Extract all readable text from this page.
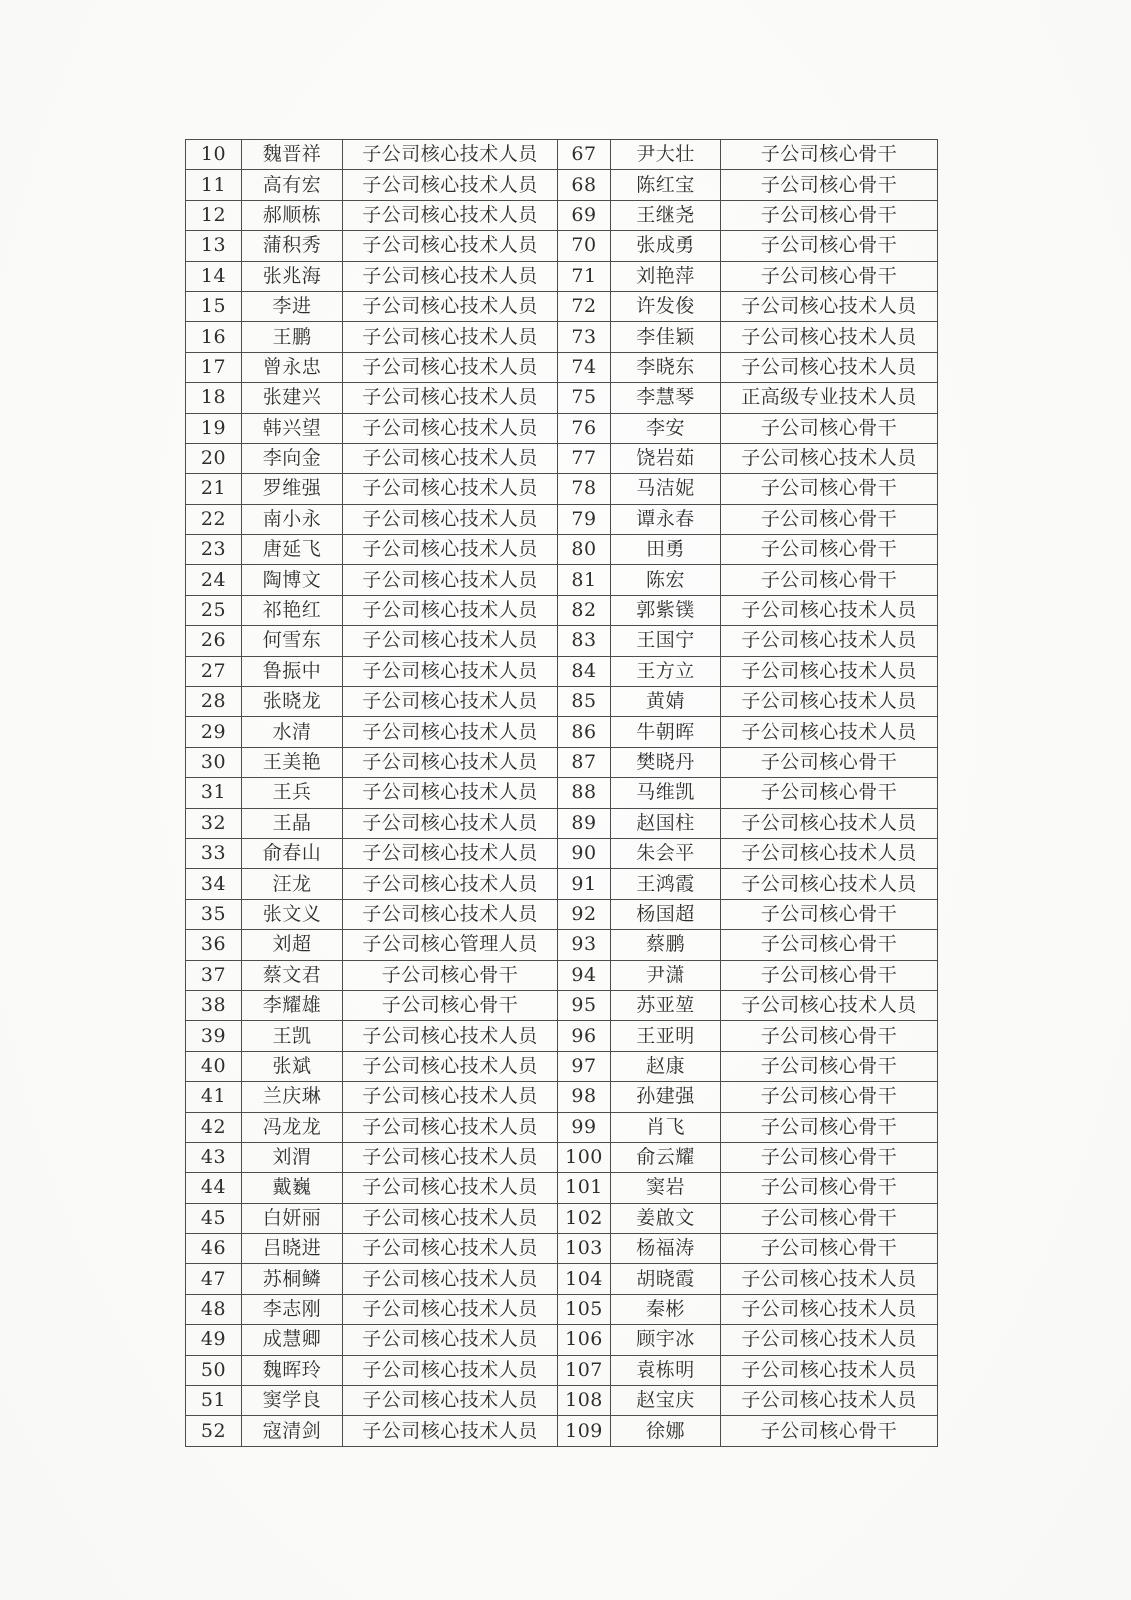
10	魏晋祥	子公司核心技术人员	67	尹大壮	子公司核心骨干
11	高有宏	子公司核心技术人员	68	陈红宝	子公司核心骨干
12	郝顺栋	子公司核心技术人员	69	王继尧	子公司核心骨干
13	蒲积秀	子公司核心技术人员	70	张成勇	子公司核心骨干
14	张兆海	子公司核心技术人员	71	刘艳萍	子公司核心骨干
15	李进	子公司核心技术人员	72	许发俊	子公司核心技术人员
16	王鹏	子公司核心技术人员	73	李佳颖	子公司核心技术人员
17	曾永忠	子公司核心技术人员	74	李晓东	子公司核心技术人员
18	张建兴	子公司核心技术人员	75	李慧琴	正高级专业技术人员
19	韩兴望	子公司核心技术人员	76	李安	子公司核心骨干
20	李向金	子公司核心技术人员	77	饶岩茹	子公司核心技术人员
21	罗维强	子公司核心技术人员	78	马洁妮	子公司核心骨干
22	南小永	子公司核心技术人员	79	谭永春	子公司核心骨干
23	唐延飞	子公司核心技术人员	80	田勇	子公司核心骨干
24	陶博文	子公司核心技术人员	81	陈宏	子公司核心骨干
25	祁艳红	子公司核心技术人员	82	郭紫镤	子公司核心技术人员
26	何雪东	子公司核心技术人员	83	王国宁	子公司核心技术人员
27	鲁振中	子公司核心技术人员	84	王方立	子公司核心技术人员
28	张晓龙	子公司核心技术人员	85	黄婧	子公司核心技术人员
29	水清	子公司核心技术人员	86	牛朝晖	子公司核心技术人员
30	王美艳	子公司核心技术人员	87	樊晓丹	子公司核心骨干
31	王兵	子公司核心技术人员	88	马维凯	子公司核心骨干
32	王晶	子公司核心技术人员	89	赵国柱	子公司核心技术人员
33	俞春山	子公司核心技术人员	90	朱会平	子公司核心技术人员
34	汪龙	子公司核心技术人员	91	王鸿霞	子公司核心技术人员
35	张文义	子公司核心技术人员	92	杨国超	子公司核心骨干
36	刘超	子公司核心管理人员	93	蔡鹏	子公司核心骨干
37	蔡文君	子公司核心骨干	94	尹潇	子公司核心骨干
38	李耀雄	子公司核心骨干	95	苏亚堃	子公司核心技术人员
39	王凯	子公司核心技术人员	96	王亚明	子公司核心骨干
40	张斌	子公司核心技术人员	97	赵康	子公司核心骨干
41	兰庆琳	子公司核心技术人员	98	孙建强	子公司核心骨干
42	冯龙龙	子公司核心技术人员	99	肖飞	子公司核心骨干
43	刘渭	子公司核心技术人员	100	俞云耀	子公司核心骨干
44	戴巍	子公司核心技术人员	101	窦岩	子公司核心骨干
45	白妍丽	子公司核心技术人员	102	姜啟文	子公司核心骨干
46	吕晓进	子公司核心技术人员	103	杨福涛	子公司核心骨干
47	苏桐鳞	子公司核心技术人员	104	胡晓霞	子公司核心技术人员
48	李志刚	子公司核心技术人员	105	秦彬	子公司核心技术人员
49	成慧卿	子公司核心技术人员	106	顾宇冰	子公司核心技术人员
50	魏晖玲	子公司核心技术人员	107	袁栋明	子公司核心技术人员
51	窦学良	子公司核心技术人员	108	赵宝庆	子公司核心技术人员
52	寇清剑	子公司核心技术人员	109	徐娜	子公司核心骨干
